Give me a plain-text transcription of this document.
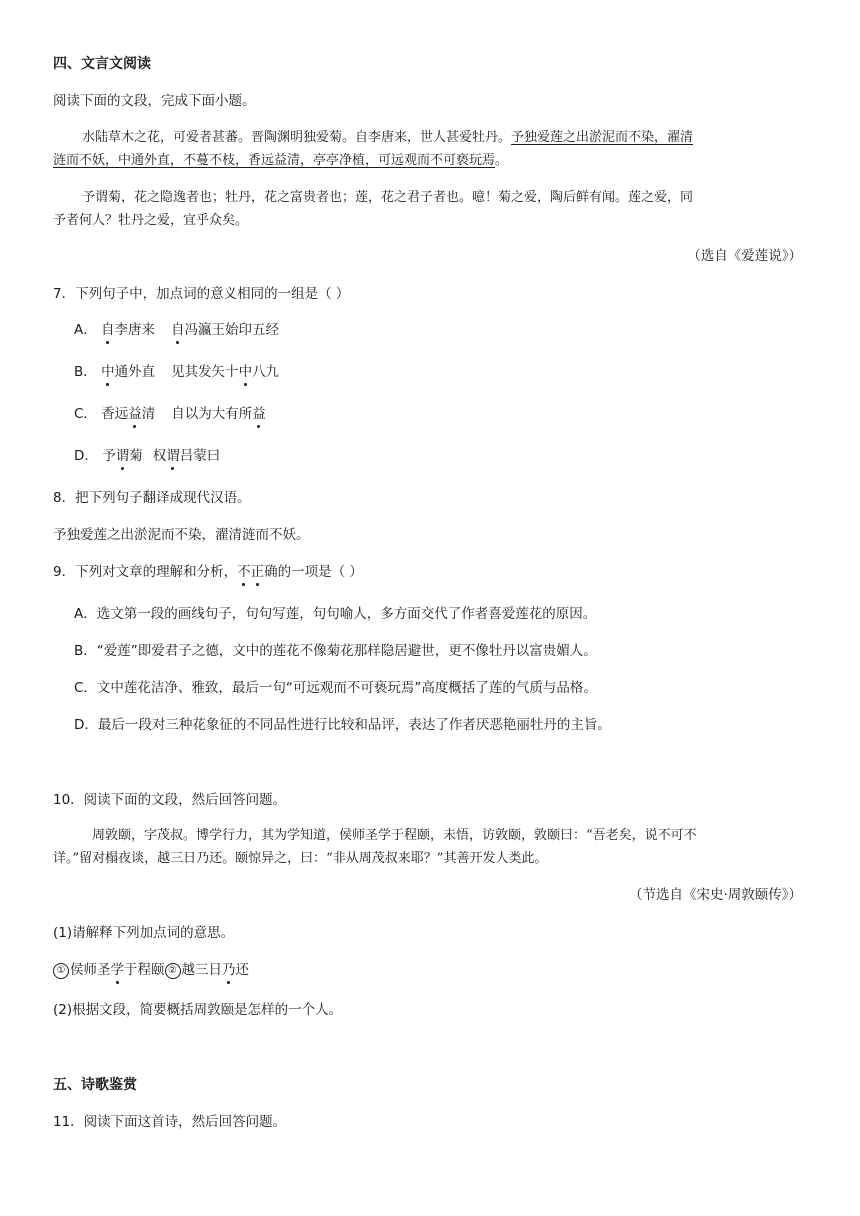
四、文言文阅读
阅读下面的文段，完成下面小题。
水陆草木之花，可爱者甚蕃。晋陶渊明独爱菊。自李唐来，世人甚爱牡丹。予独爱莲之出淤泥而不染，濯清
涟而不妖，中通外直，不蔓不枝，香远益清，亭亭净植，可远观而不可亵玩焉。
予谓菊，花之隐逸者也；牡丹，花之富贵者也；莲，花之君子者也。噫！菊之爱，陶后鲜有闻。莲之爱，同
予者何人？牡丹之爱，宜乎众矣。
（选自《爱莲说》）
7．下列句子中，加点词的意义相同的一组是（ ）
A． 自李唐来 自冯瀛王始印五经
B． 中通外直 见其发矢十中八九
C． 香远益清 自以为大有所益
D． 予谓菊 权谓吕蒙曰
8．把下列句子翻译成现代汉语。
予独爱莲之出淤泥而不染，濯清涟而不妖。
9．下列对文章的理解和分析，不正确的一项是（ ）
A．选文第一段的画线句子，句句写莲，句句喻人，多方面交代了作者喜爱莲花的原因。
B．“爱莲”即爱君子之德，文中的莲花不像菊花那样隐居避世，更不像牡丹以富贵媚人。
C．文中莲花洁净、雅致，最后一句“可远观而不可亵玩焉”高度概括了莲的气质与品格。
D．最后一段对三种花象征的不同品性进行比较和品评，表达了作者厌恶艳丽牡丹的主旨。
10．阅读下面的文段，然后回答问题。
周敦颐，字茂叔。博学行力，其为学知道，侯师圣学于程颐，未悟，访敦颐，敦颐曰：“吾老矣，说不可不
详。”留对榻夜谈，越三日乃还。颐惊异之，曰：“非从周茂叔来耶？”其善开发人类此。
（节选自《宋史·周敦颐传》）
(1)请解释下列加点词的意思。
① 侯师圣学于程颐 ② 越三日乃还
(2)根据文段，简要概括周敦颐是怎样的一个人。
五、诗歌鉴赏
11．阅读下面这首诗，然后回答问题。
